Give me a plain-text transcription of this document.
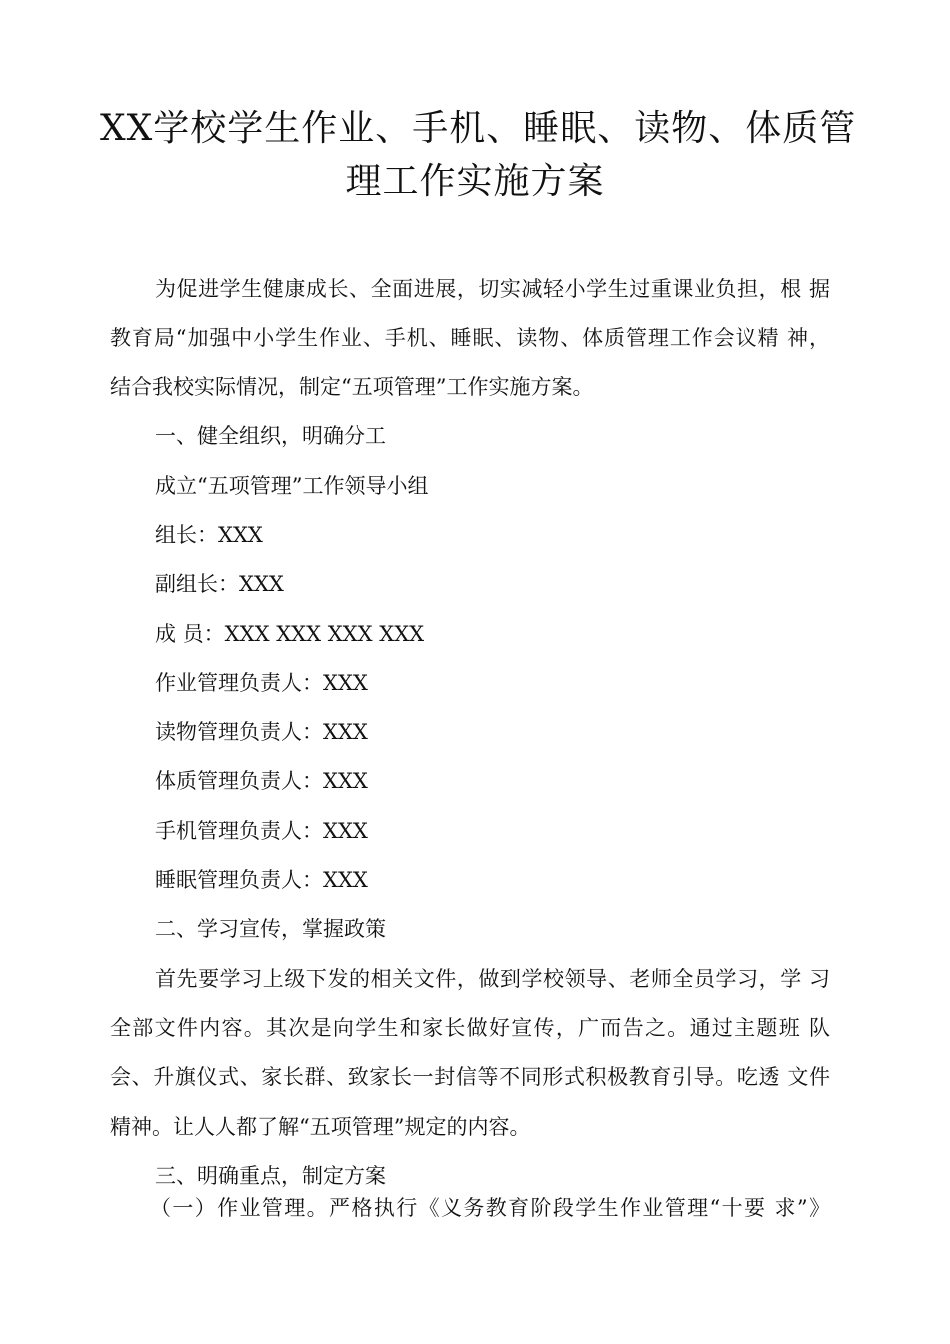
XX学校学生作业、手机、睡眠、读物、体质管
理工作实施方案
为促进学生健康成长、全面进展，切实减轻小学生过重课业负担，根 据
教育局“加强中小学生作业、手机、睡眠、读物、体质管理工作会议精 神，
结合我校实际情况，制定“五项管理”工作实施方案。
一、健全组织，明确分工
成立“五项管理”工作领导小组
组长：XXX
副组长：XXX
成 员：XXX XXX XXX XXX
作业管理负责人：XXX
读物管理负责人：XXX
体质管理负责人：XXX
手机管理负责人：XXX
睡眠管理负责人：XXX
二、学习宣传，掌握政策
首先要学习上级下发的相关文件，做到学校领导、老师全员学习，学 习
全部文件内容。其次是向学生和家长做好宣传，广而告之。通过主题班 队
会、升旗仪式、家长群、致家长一封信等不同形式积极教育引导。吃透 文件
精神。让人人都了解“五项管理”规定的内容。
三、明确重点，制定方案
（一）作业管理。严格执行《义务教育阶段学生作业管理“十要 求”》
